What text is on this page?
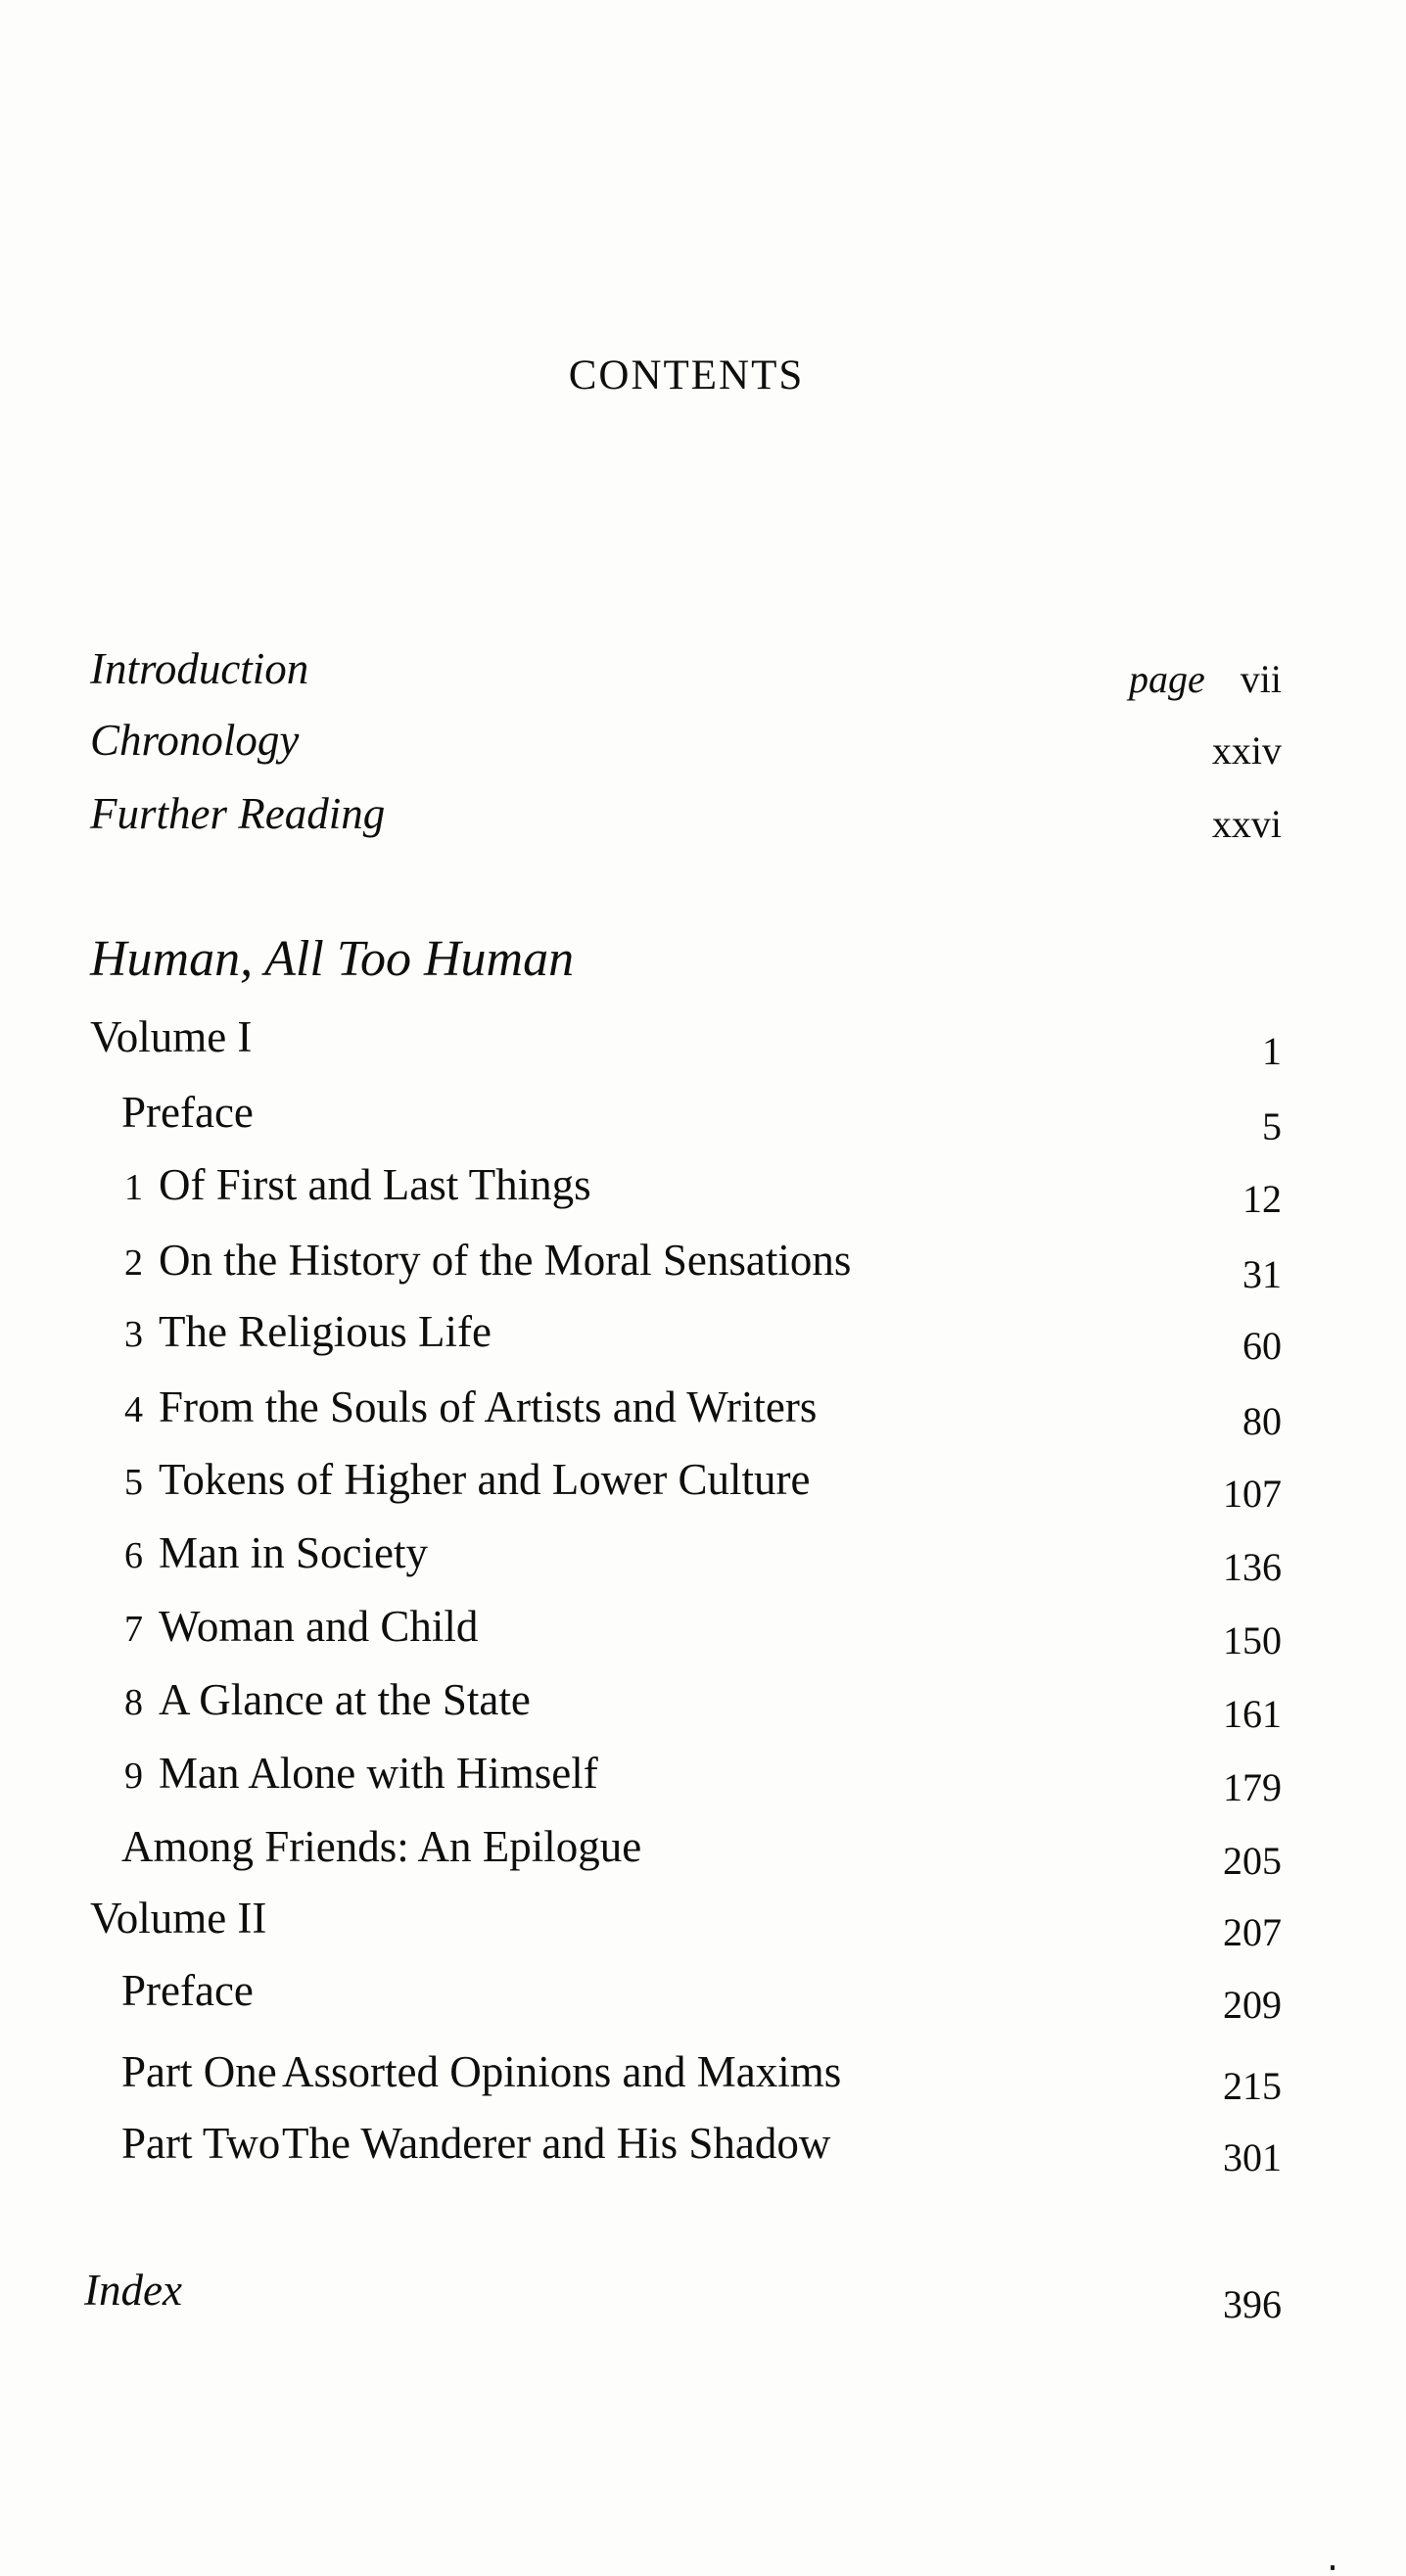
CONTENTS
Introduction	page vii
Chronology	xxiv
Further Reading	xxvi
Human, All Too Human
Volume I	1
Preface	5
1 Of First and Last Things	12
2 On the History of the Moral Sensations	31
3 The Religious Life	60
4 From the Souls of Artists and Writers	80
5 Tokens of Higher and Lower Culture	107
6 Man in Society	136
7 Woman and Child	150
8 A Glance at the State	161
9 Man Alone with Himself	179
Among Friends: An Epilogue	205
Volume II	207
Preface	209
Part One Assorted Opinions and Maxims	215
Part TwoThe Wanderer and His Shadow	301
Index	396
